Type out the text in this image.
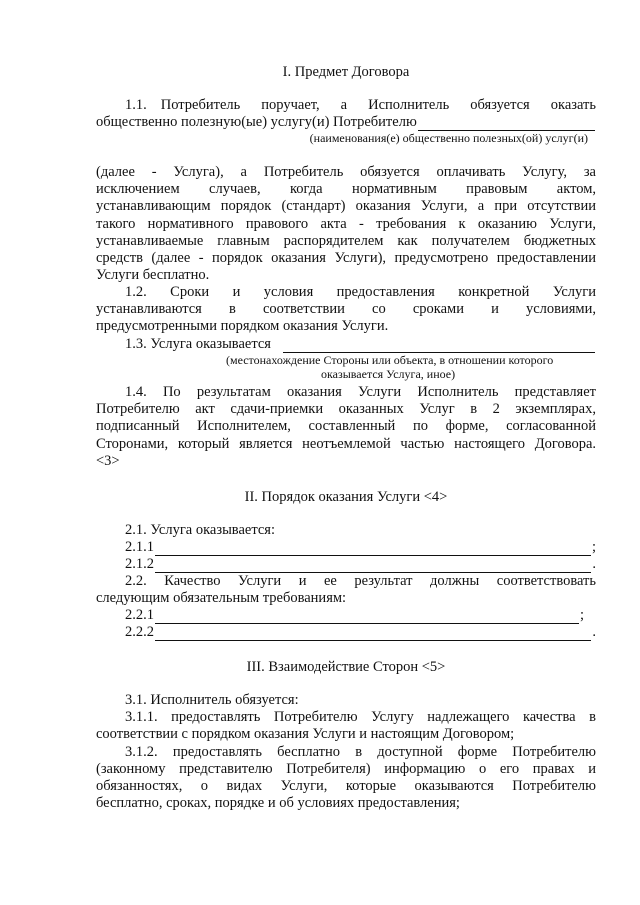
I. Предмет Договора
1.1. Потребитель поручает, а Исполнитель обязуется оказать
общественно полезную(ые) услугу(и) Потребителю
(наименования(е) общественно полезных(ой) услуг(и)
(далее - Услуга), а Потребитель обязуется оплачивать Услугу, за
исключением случаев, когда нормативным правовым актом,
устанавливающим порядок (стандарт) оказания Услуги, а при отсутствии
такого нормативного правового акта - требования к оказанию Услуги,
устанавливаемые главным распорядителем как получателем бюджетных
средств (далее - порядок оказания Услуги), предусмотрено предоставлении
Услуги бесплатно.
1.2. Сроки и условия предоставления конкретной Услуги
устанавливаются в соответствии со сроками и условиями,
предусмотренными порядком оказания Услуги.
1.3. Услуга оказывается
(местонахождение Стороны или объекта, в отношении которого
оказывается Услуга, иное)
1.4. По результатам оказания Услуги Исполнитель представляет
Потребителю акт сдачи-приемки оказанных Услуг в 2 экземплярах,
подписанный Исполнителем, составленный по форме, согласованной
Сторонами, который является неотъемлемой частью настоящего Договора.
<3>
II. Порядок оказания Услуги <4>
2.1. Услуга оказывается:
2.1.1	;
2.1.2	.
2.2. Качество Услуги и ее результат должны соответствовать
следующим обязательным требованиям:
2.2.1	;
2.2.2	.
III. Взаимодействие Сторон <5>
3.1. Исполнитель обязуется:
3.1.1. предоставлять Потребителю Услугу надлежащего качества в
соответствии с порядком оказания Услуги и настоящим Договором;
3.1.2. предоставлять бесплатно в доступной форме Потребителю
(законному представителю Потребителя) информацию о его правах и
обязанностях, о видах Услуги, которые оказываются Потребителю
бесплатно, сроках, порядке и об условиях предоставления;
